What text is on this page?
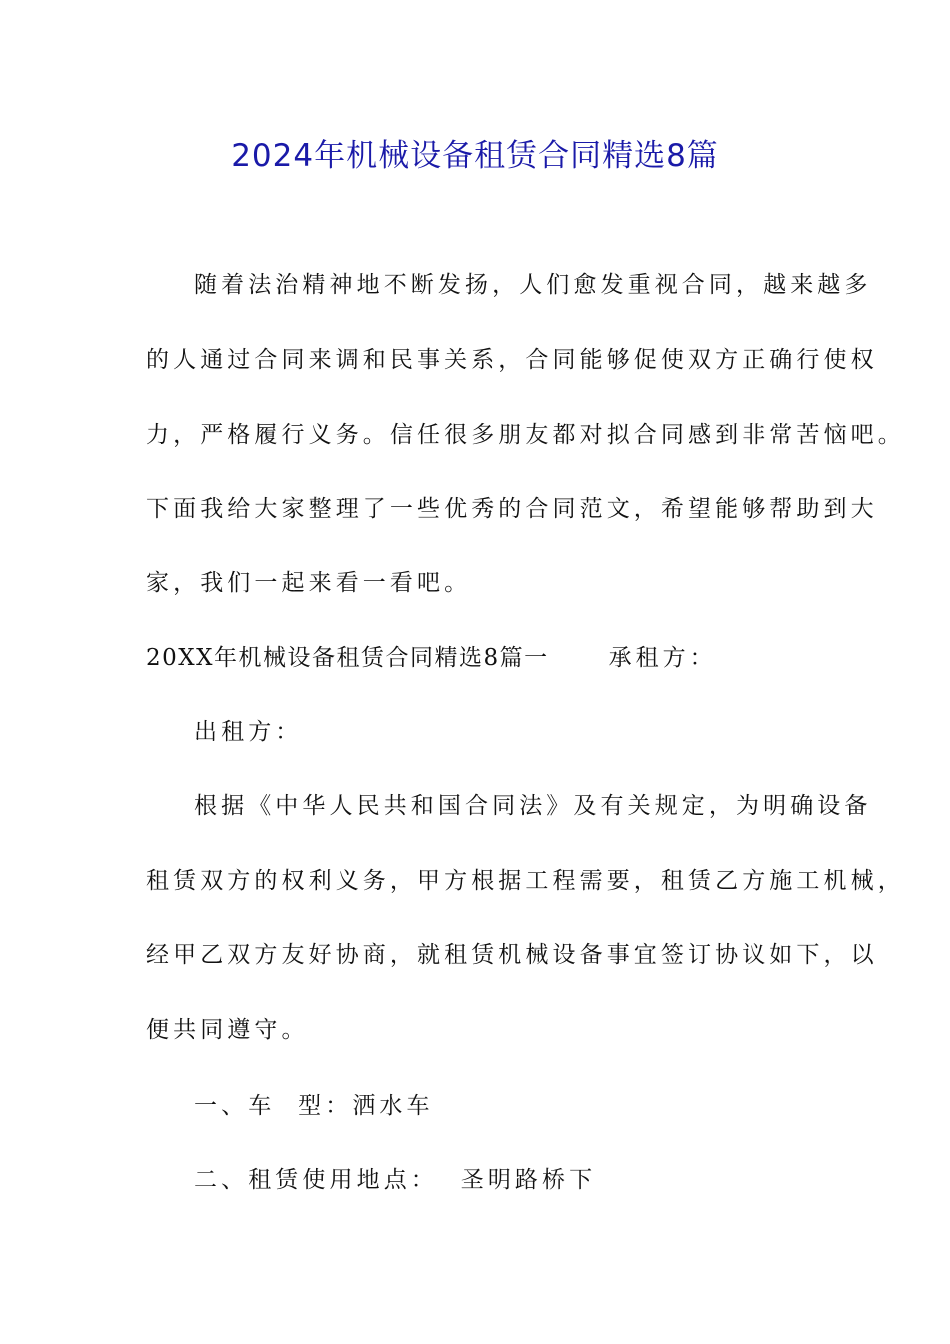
2024年机械设备租赁合同精选8篇
随着法治精神地不断发扬，人们愈发重视合同，越来越多
的人通过合同来调和民事关系，合同能够促使双方正确行使权
力，严格履行义务。信任很多朋友都对拟合同感到非常苦恼吧。
下面我给大家整理了一些优秀的合同范文，希望能够帮助到大
家，我们一起来看一看吧。
20XX年机械设备租赁合同精选8篇一	承租方：
出租方：
根据《中华人民共和国合同法》及有关规定，为明确设备
租赁双方的权利义务，甲方根据工程需要，租赁乙方施工机械，
经甲乙双方友好协商，就租赁机械设备事宜签订协议如下，以
便共同遵守。
一、车  型：洒水车
二、租赁使用地点：  圣明路桥下
